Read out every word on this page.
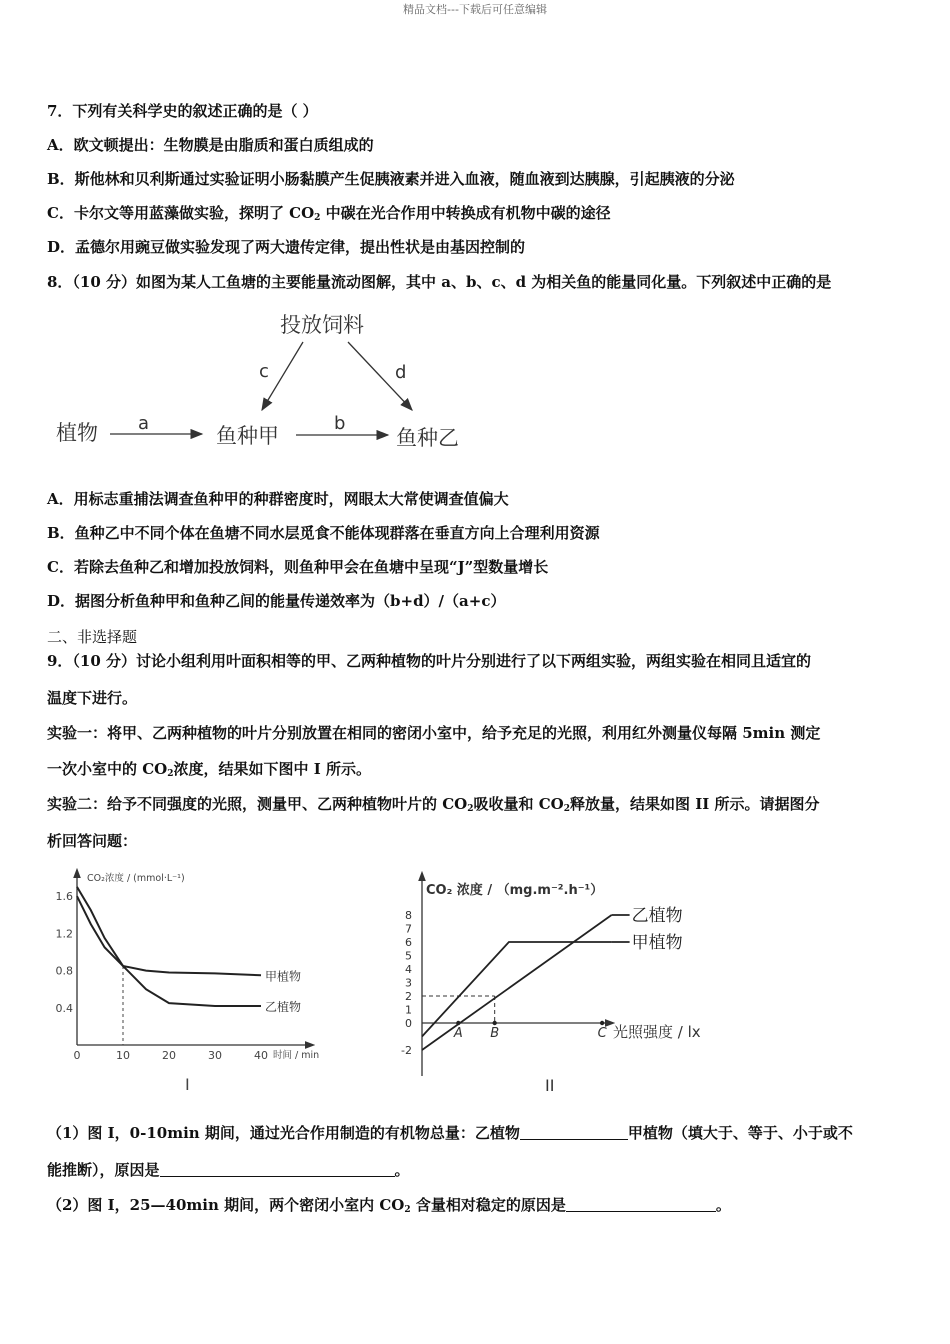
精品文档---下载后可任意编辑
7．下列有关科学史的叙述正确的是（ ）
A．欧文顿提出：生物膜是由脂质和蛋白质组成的
B．斯他林和贝利斯通过实验证明小肠黏膜产生促胰液素并进入血液，随血液到达胰腺，引起胰液的分泌
C．卡尔文等用蓝藻做实验，探明了 $CO_2$ 中碳在光合作用中转换成有机物中碳的途径
D．孟德尔用豌豆做实验发现了两大遗传定律，提出性状是由基因控制的
8．（10 分）如图为某人工鱼塘的主要能量流动图解，其中 a、b、c、d 为相关鱼的能量同化量。下列叙述中正确的是
投放饲料
植物	鱼种甲	鱼种乙
c	d
a	b
A．用标志重捕法调查鱼种甲的种群密度时，网眼太大常使调查值偏大
B．鱼种乙中不同个体在鱼塘不同水层觅食不能体现群落在垂直方向上合理利用资源
C．若除去鱼种乙和增加投放饲料，则鱼种甲会在鱼塘中呈现“J”型数量增长
D．据图分析鱼种甲和鱼种乙间的能量传递效率为（b+d）/（a+c）
二、非选择题
9．（10 分）讨论小组利用叶面积相等的甲、乙两种植物的叶片分别进行了以下两组实验，两组实验在相同且适宜的
温度下进行。
实验一：将甲、乙两种植物的叶片分别放置在相同的密闭小室中，给予充足的光照，利用红外测量仪每隔 5min 测定
一次小室中的 $CO_2$浓度，结果如下图中 I 所示。
实验二：给予不同强度的光照，测量甲、乙两种植物叶片的 $CO_2$吸收量和 $CO_2$释放量，结果如图 II 所示。请据图分
析回答问题：
CO₂浓度 / (mmol·L⁻¹)
时间 / min
I
0	10	20	30	40
0.4
0.8
1.2
1.6
甲植物
乙植物
CO₂ 浓度 / （mg.m⁻².h⁻¹）
光照强度 / lx
II
-2
0
1
2
3
4
5
6
7
8
A B	C
甲植物
乙植物
（1）图 I，0-10min 期间，通过光合作用制造的有机物总量：乙植物	甲植物（填大于、等于、小于或不
能推断），原因是	。
（2）图 I，25—40min 期间，两个密闭小室内 $CO_2$ 含量相对稳定的原因是	。
